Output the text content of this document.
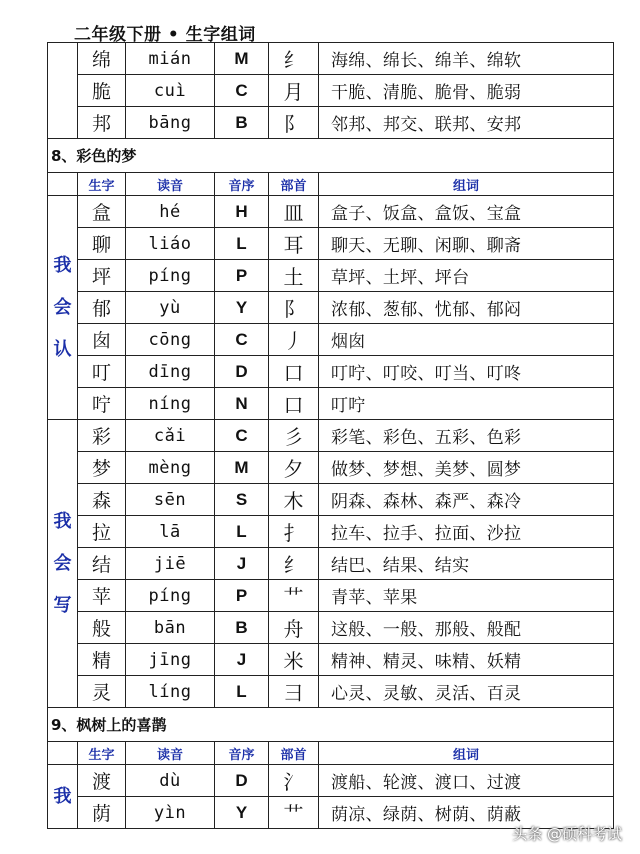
二年级下册 • 生字组词
	绵	mián	M	纟	海绵、绵长、绵羊、绵软
	脆	cuì	C	月	干脆、清脆、脆骨、脆弱
	邦	bāng	B	阝	邻邦、邦交、联邦、安邦
8、彩色的梦					
	生字	读音	音序	部首	组词
我
会
认	盒	hé	H	皿	盒子、饭盒、盒饭、宝盒
	聊	liáo	L	耳	聊天、无聊、闲聊、聊斋
	坪	píng	P	土	草坪、土坪、坪台
	郁	yù	Y	阝	浓郁、葱郁、忧郁、郁闷
	囱	cōng	C	丿	烟囱
	叮	dīng	D	口	叮咛、叮咬、叮当、叮咚
	咛	níng	N	口	叮咛
我
会
写	彩	cǎi	C	彡	彩笔、彩色、五彩、色彩
	梦	mèng	M	夕	做梦、梦想、美梦、圆梦
	森	sēn	S	木	阴森、森林、森严、森冷
	拉	lā	L	扌	拉车、拉手、拉面、沙拉
	结	jiē	J	纟	结巴、结果、结实
	苹	píng	P	艹	青苹、苹果
	般	bān	B	舟	这般、一般、那般、般配
	精	jīng	J	米	精神、精灵、味精、妖精
	灵	líng	L	彐	心灵、灵敏、灵活、百灵
9、枫树上的喜鹊					
	生字	读音	音序	部首	组词
我	渡	dù	D	氵	渡船、轮渡、渡口、过渡
	荫	yìn	Y	艹	荫凉、绿荫、树荫、荫蔽
头条 @硕科考试
